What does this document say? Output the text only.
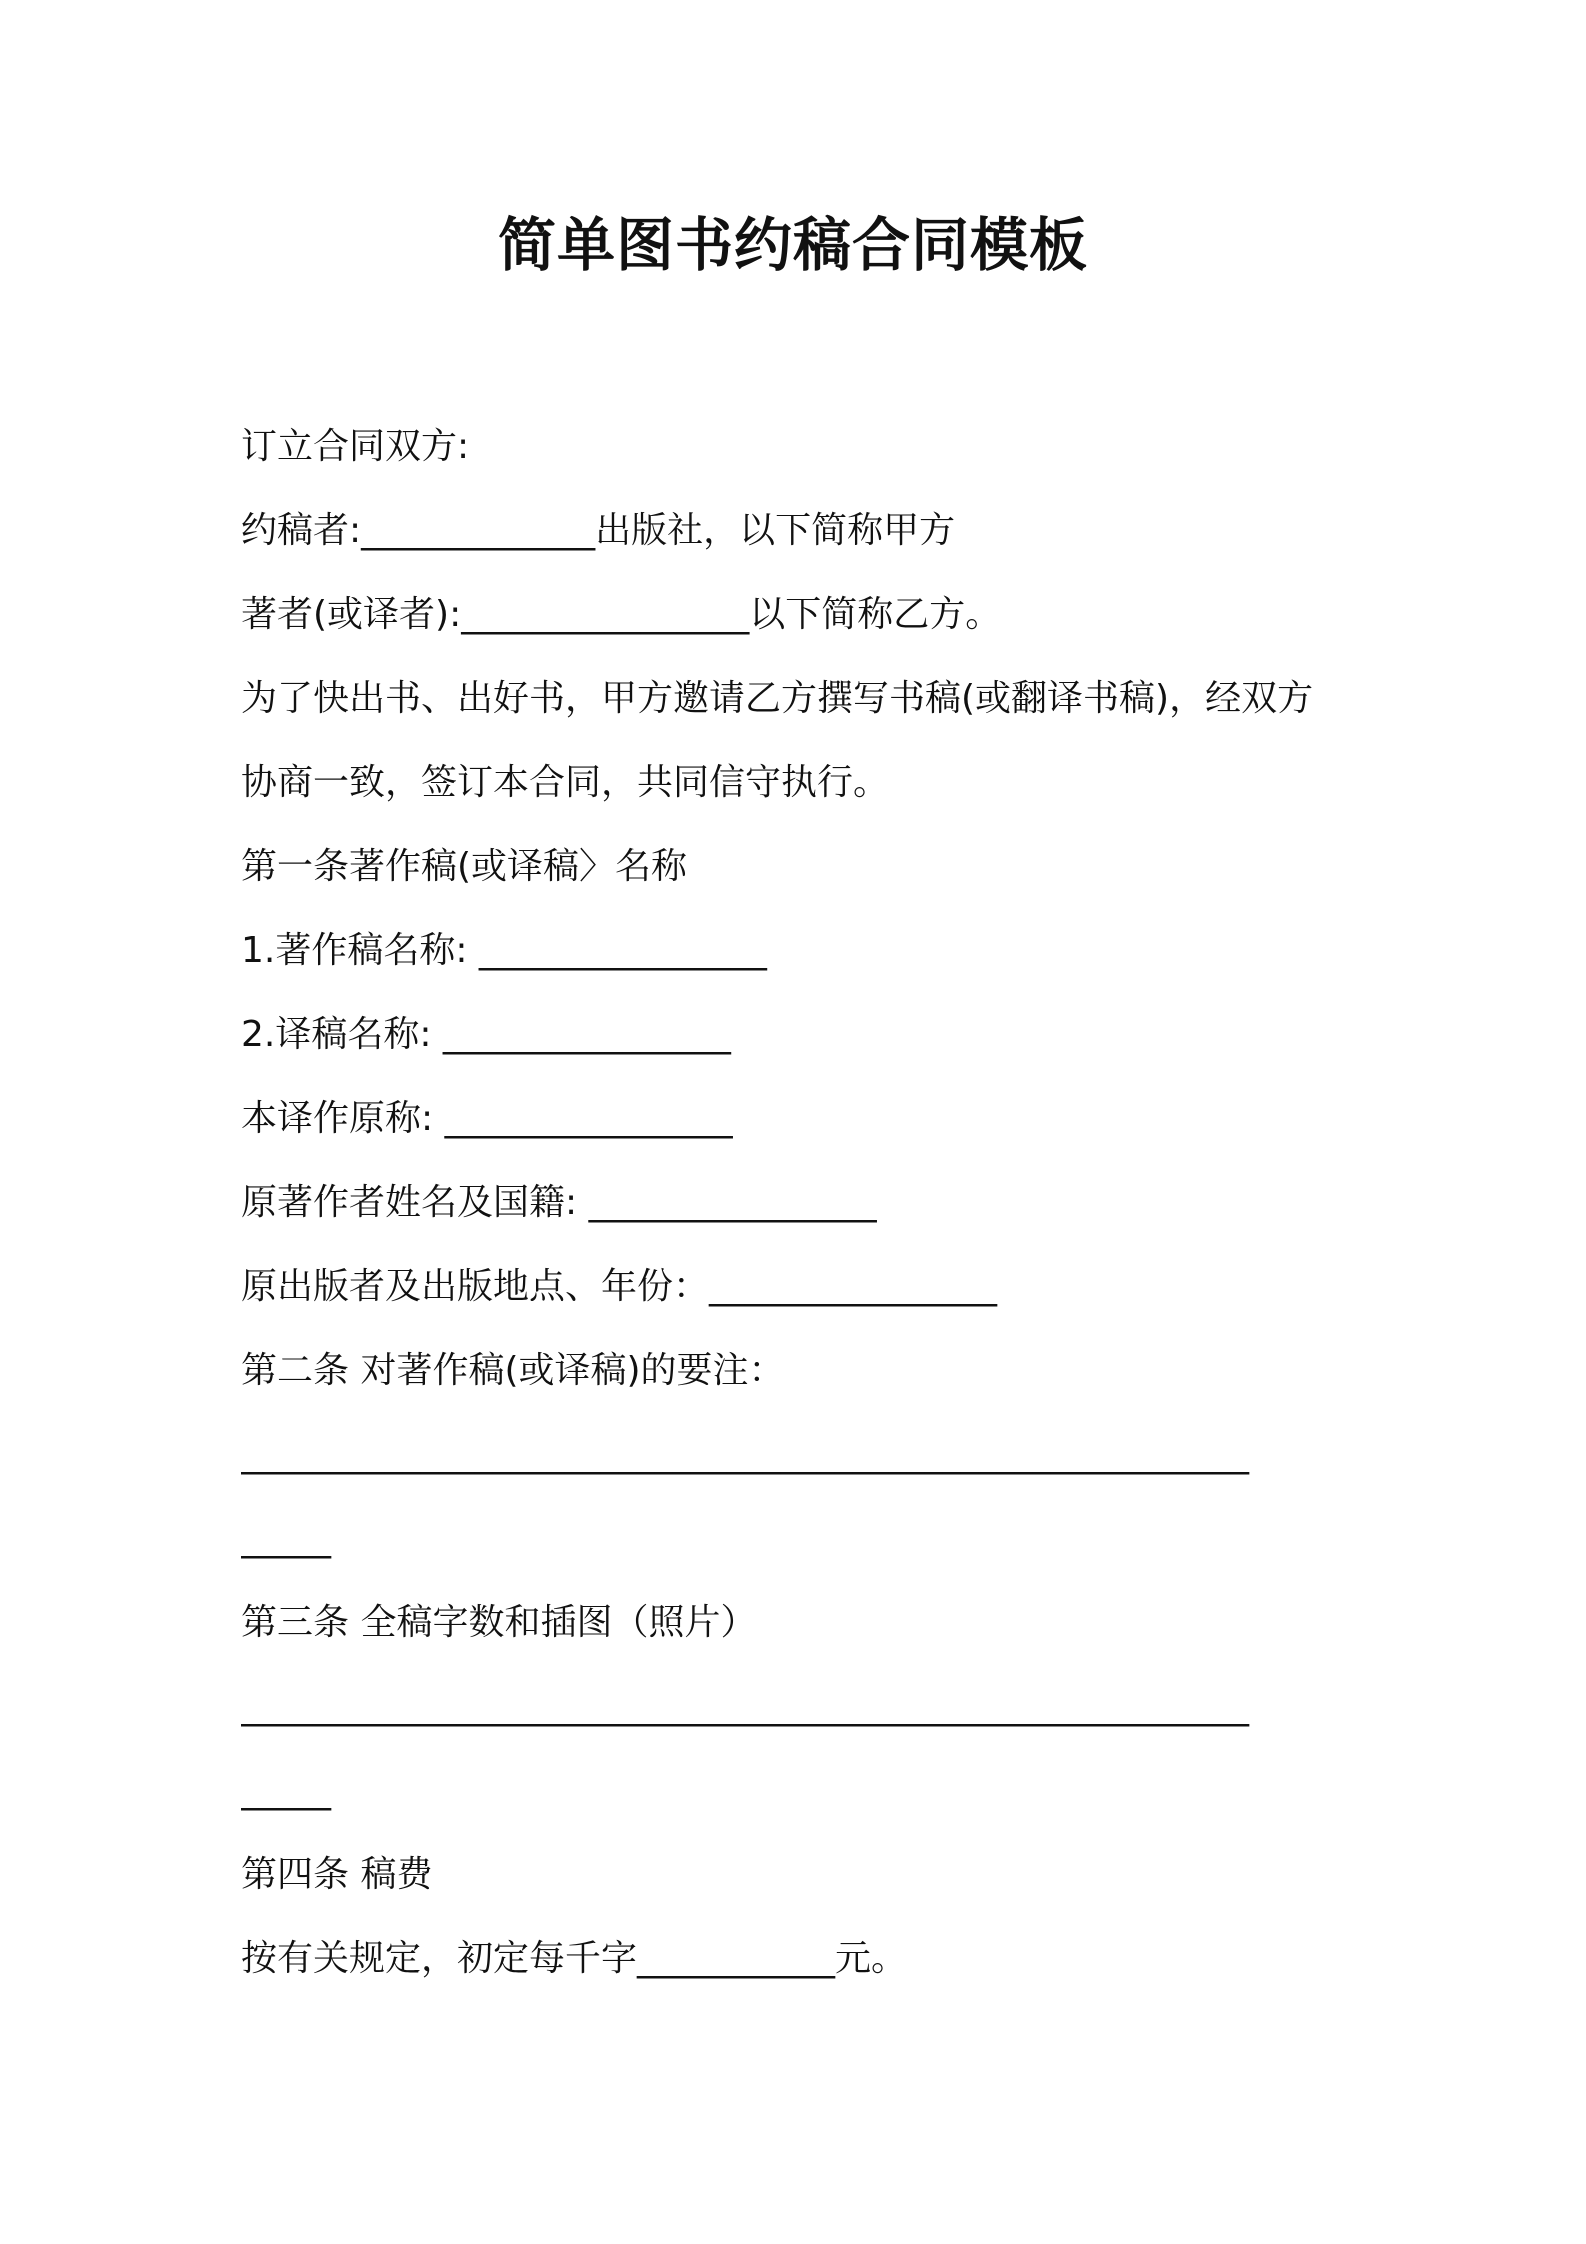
简单图书约稿合同模板
订立合同双方:
约稿者:_____________出版社，以下简称甲方
著者(或译者):________________以下简称乙方。
为了快出书、出好书，甲方邀请乙方撰写书稿(或翻译书稿)，经双方
协商一致，签订本合同，共同信守执行。
第一条著作稿(或译稿〉名称
1.著作稿名称: ________________
2.译稿名称: ________________
本译作原称: ________________
原著作者姓名及国籍: ________________
原出版者及出版地点、年份：________________
第二条 对著作稿(或译稿)的要注：
________________________________________________________
_____
第三条 全稿字数和插图（照片）
________________________________________________________
_____
第四条 稿费
按有关规定，初定每千字___________元。
